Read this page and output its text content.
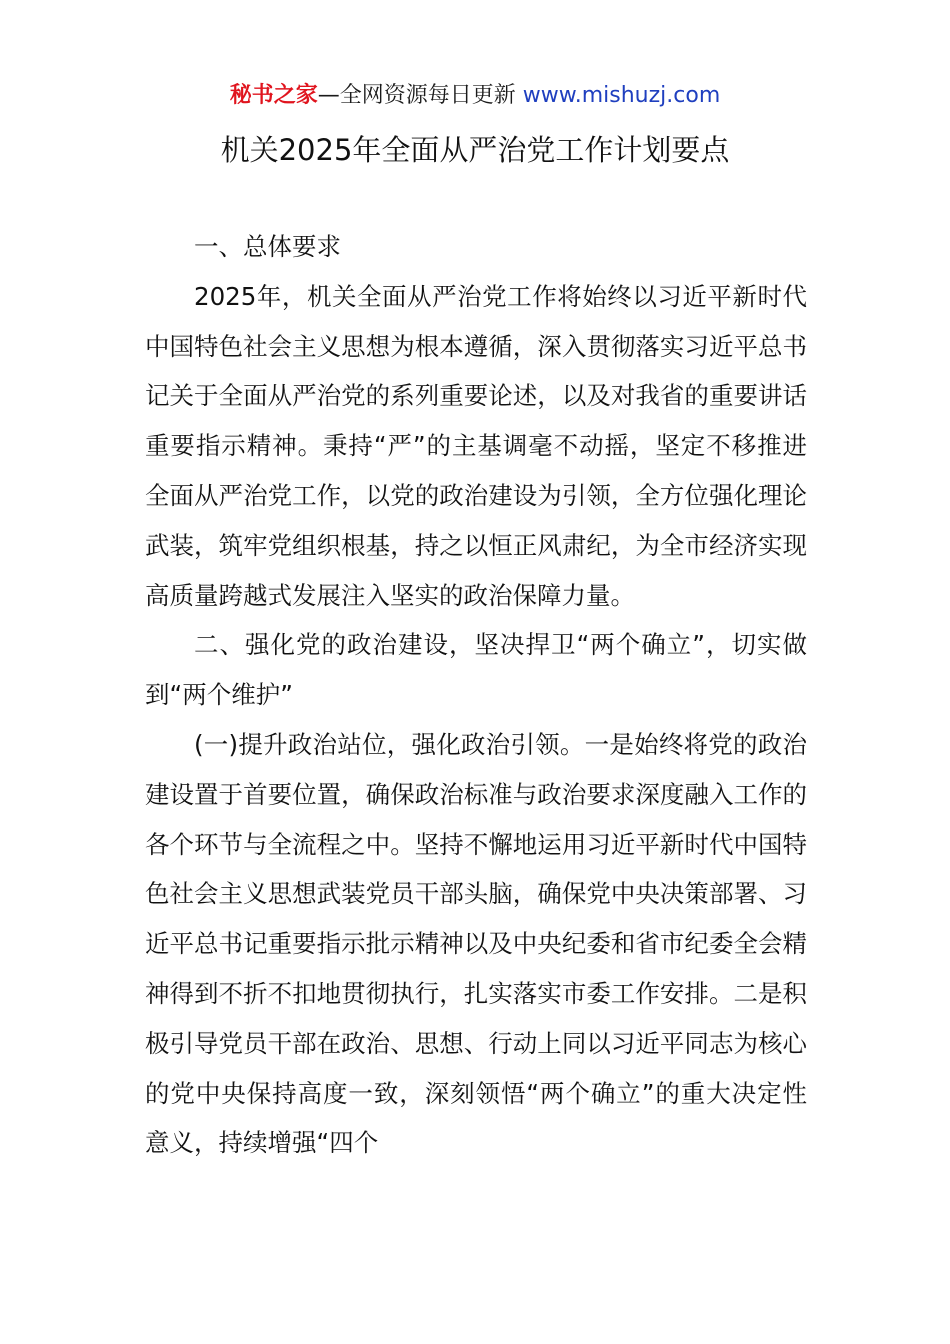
秘书之家—全网资源每日更新 www.mishuzj.com
机关2025年全面从严治党工作计划要点

一、总体要求

2025年，机关全面从严治党工作将始终以习近平新时代中国特色社会主义思想为根本遵循，深入贯彻落实习近平总书记关于全面从严治党的系列重要论述，以及对我省的重要讲话重要指示精神。秉持“严”的主基调毫不动摇，坚定不移推进全面从严治党工作，以党的政治建设为引领，全方位强化理论武装，筑牢党组织根基，持之以恒正风肃纪，为全市经济实现高质量跨越式发展注入坚实的政治保障力量。

二、强化党的政治建设，坚决捍卫“两个确立”，切实做到“两个维护”

(一)提升政治站位，强化政治引领。一是始终将党的政治建设置于首要位置，确保政治标准与政治要求深度融入工作的各个环节与全流程之中。坚持不懈地运用习近平新时代中国特色社会主义思想武装党员干部头脑，确保党中央决策部署、习近平总书记重要指示批示精神以及中央纪委和省市纪委全会精神得到不折不扣地贯彻执行，扎实落实市委工作安排。二是积极引导党员干部在政治、思想、行动上同以习近平同志为核心的党中央保持高度一致，深刻领悟“两个确立”的重大决定性意义，持续增强“四个
